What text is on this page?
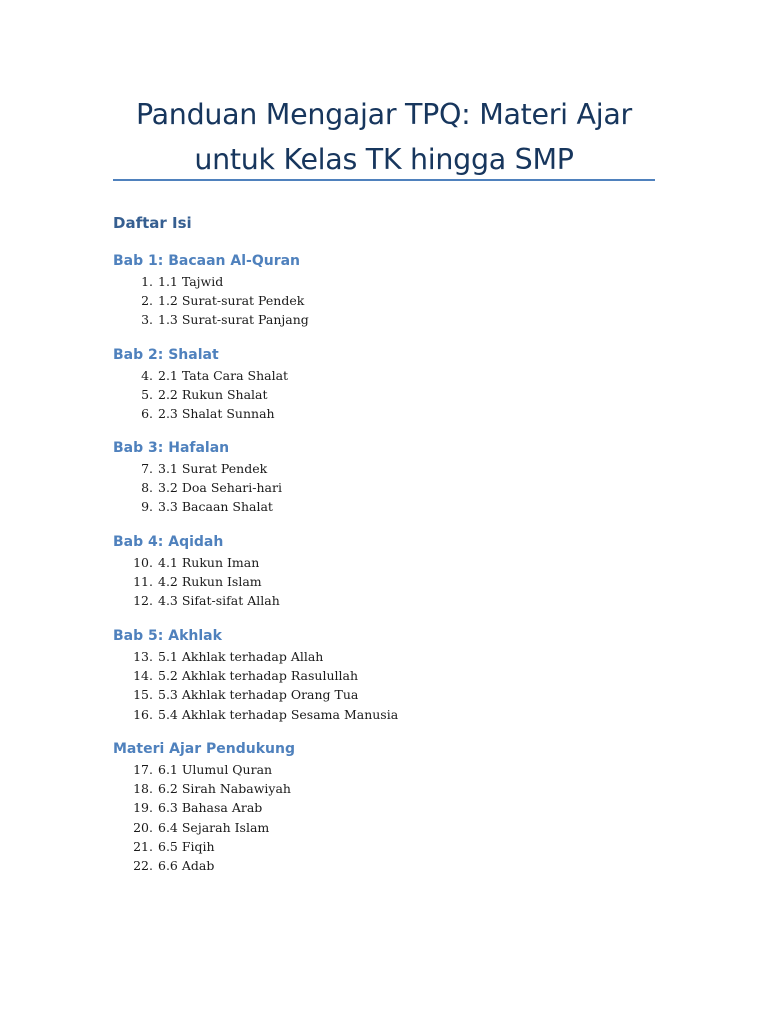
Panduan Mengajar TPQ: Materi Ajar
untuk Kelas TK hingga SMP
Daftar Isi
Bab 1: Bacaan Al-Quran
1. 1.1 Tajwid
2. 1.2 Surat-surat Pendek
3. 1.3 Surat-surat Panjang
Bab 2: Shalat
4. 2.1 Tata Cara Shalat
5. 2.2 Rukun Shalat
6. 2.3 Shalat Sunnah
Bab 3: Hafalan
7. 3.1 Surat Pendek
8. 3.2 Doa Sehari-hari
9. 3.3 Bacaan Shalat
Bab 4: Aqidah
10. 4.1 Rukun Iman
11. 4.2 Rukun Islam
12. 4.3 Sifat-sifat Allah
Bab 5: Akhlak
13. 5.1 Akhlak terhadap Allah
14. 5.2 Akhlak terhadap Rasulullah
15. 5.3 Akhlak terhadap Orang Tua
16. 5.4 Akhlak terhadap Sesama Manusia
Materi Ajar Pendukung
17. 6.1 Ulumul Quran
18. 6.2 Sirah Nabawiyah
19. 6.3 Bahasa Arab
20. 6.4 Sejarah Islam
21. 6.5 Fiqih
22. 6.6 Adab
